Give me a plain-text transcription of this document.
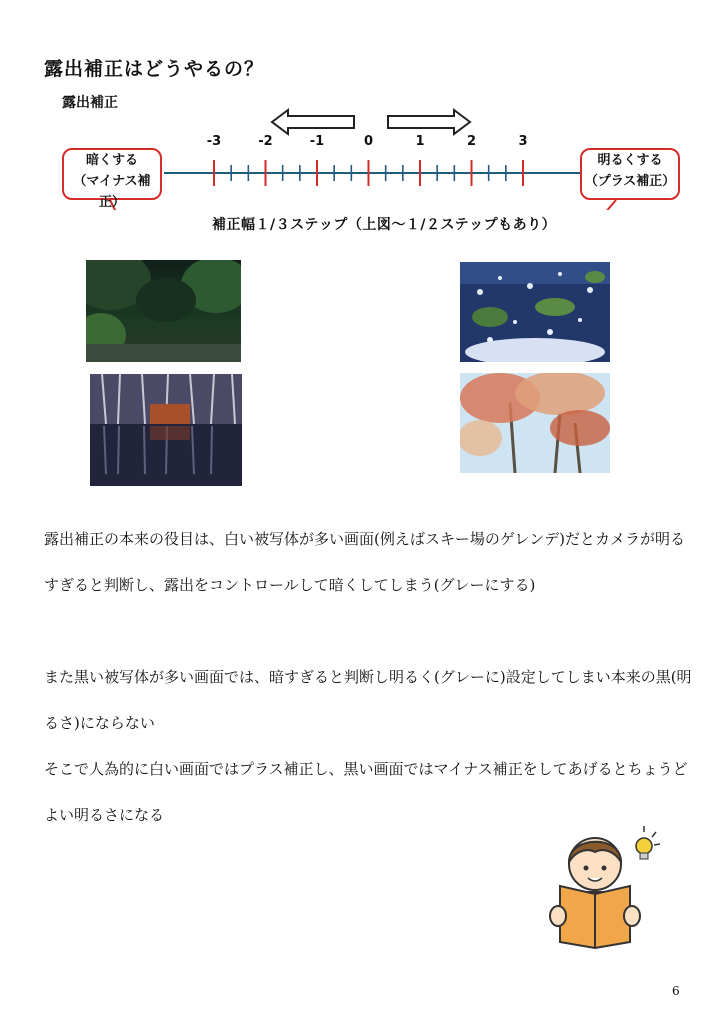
露出補正はどうやるの？
露出補正
-3	-2	-1	0	1	2	3
暗くする
（マイナス補正）
明るくする
（プラス補正）
補正幅１/３ステップ（上図～１/２ステップもあり）
露出補正の本来の役目は、白い被写体が多い画面(例えばスキー場のゲレンデ)だとカメラが明るすぎると判断し、露出をコントロールして暗くしてしまう(グレーにする)
また黒い被写体が多い画面では、暗すぎると判断し明るく(グレーに)設定してしまい本来の黒(明るさ)にならない
そこで人為的に白い画面ではプラス補正し、黒い画面ではマイナス補正をしてあげるとちょうどよい明るさになる
6
